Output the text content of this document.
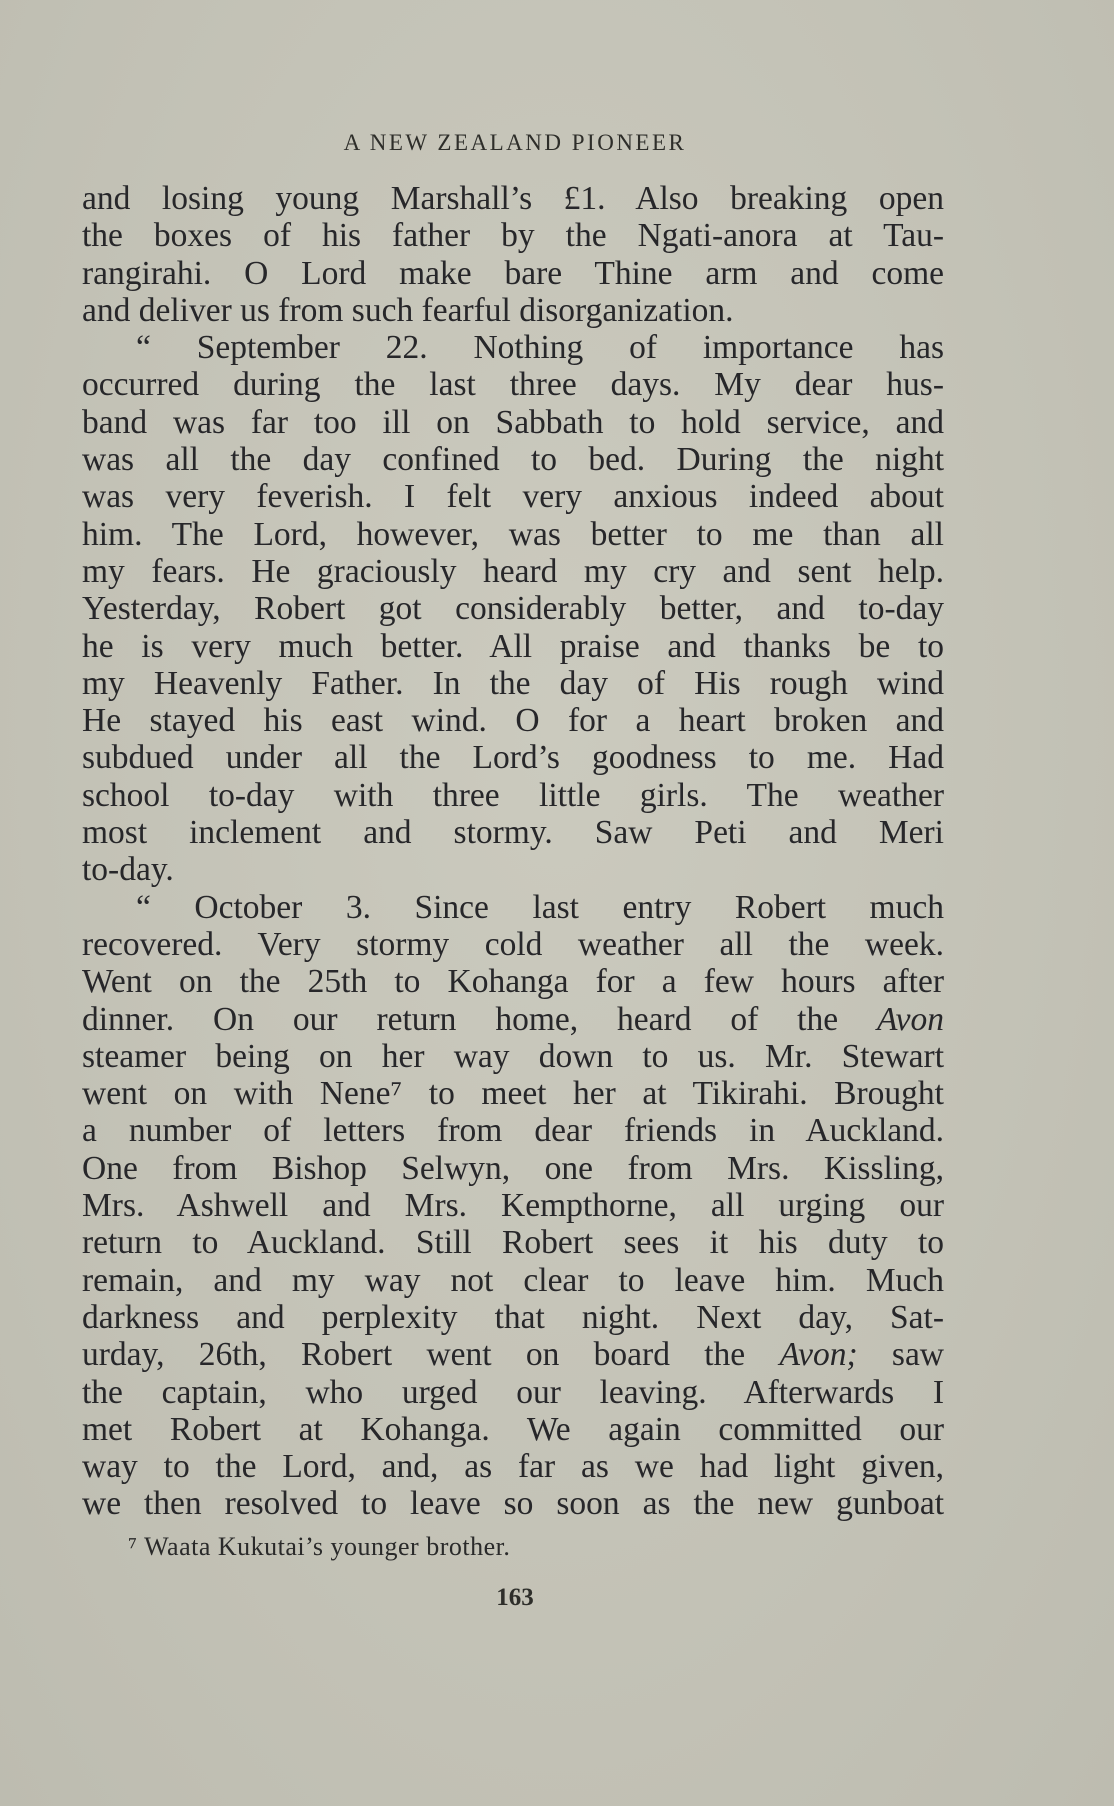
A NEW ZEALAND PIONEER
and losing young Marshall’s £1. Also breaking open
the boxes of his father by the Ngati-anora at Tau-
rangirahi. O Lord make bare Thine arm and come
and deliver us from such fearful disorganization.
“ September 22. Nothing of importance has
occurred during the last three days. My dear hus-
band was far too ill on Sabbath to hold service, and
was all the day confined to bed. During the night
was very feverish. I felt very anxious indeed about
him. The Lord, however, was better to me than all
my fears. He graciously heard my cry and sent help.
Yesterday, Robert got considerably better, and to-day
he is very much better. All praise and thanks be to
my Heavenly Father. In the day of His rough wind
He stayed his east wind. O for a heart broken and
subdued under all the Lord’s goodness to me. Had
school to-day with three little girls. The weather
most inclement and stormy. Saw Peti and Meri
to-day.
“ October 3. Since last entry Robert much
recovered. Very stormy cold weather all the week.
Went on the 25th to Kohanga for a few hours after
dinner. On our return home, heard of the Avon
steamer being on her way down to us. Mr. Stewart
went on with Nene⁷ to meet her at Tikirahi. Brought
a number of letters from dear friends in Auckland.
One from Bishop Selwyn, one from Mrs. Kissling,
Mrs. Ashwell and Mrs. Kempthorne, all urging our
return to Auckland. Still Robert sees it his duty to
remain, and my way not clear to leave him. Much
darkness and perplexity that night. Next day, Sat-
urday, 26th, Robert went on board the Avon; saw
the captain, who urged our leaving. Afterwards I
met Robert at Kohanga. We again committed our
way to the Lord, and, as far as we had light given,
we then resolved to leave so soon as the new gunboat
⁷ Waata Kukutai’s younger brother.
163
